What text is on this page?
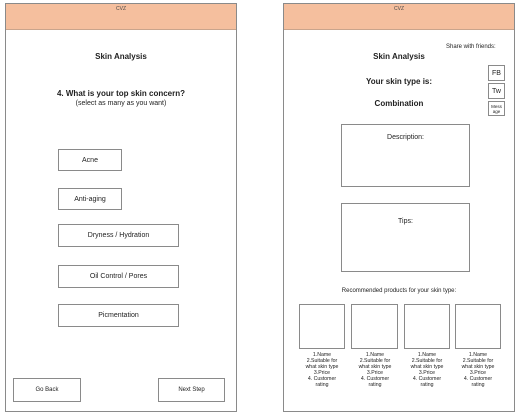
CVZ
Skin Analysis
4. What is your top skin concern?
(select as many as you want)
Acne
Anti-aging
Dryness / Hydration
Oil Control / Pores
Picmentation
Go Back	Next Step
CVZ
Share with friends:
FB
Tw
Mess age
Skin Analysis
Your skin type is:
Combination
Description:
Tips:
Recommended products for your skin type:
1.Name
2.Suitable for
what skin type
3.Price
4. Customer
rating
1.Name
2.Suitable for
what skin type
3.Price
4. Customer
rating
1.Name
2.Suitable for
what skin type
3.Price
4. Customer
rating
1.Name
2.Suitable for
what skin type
3.Price
4. Customer
rating
